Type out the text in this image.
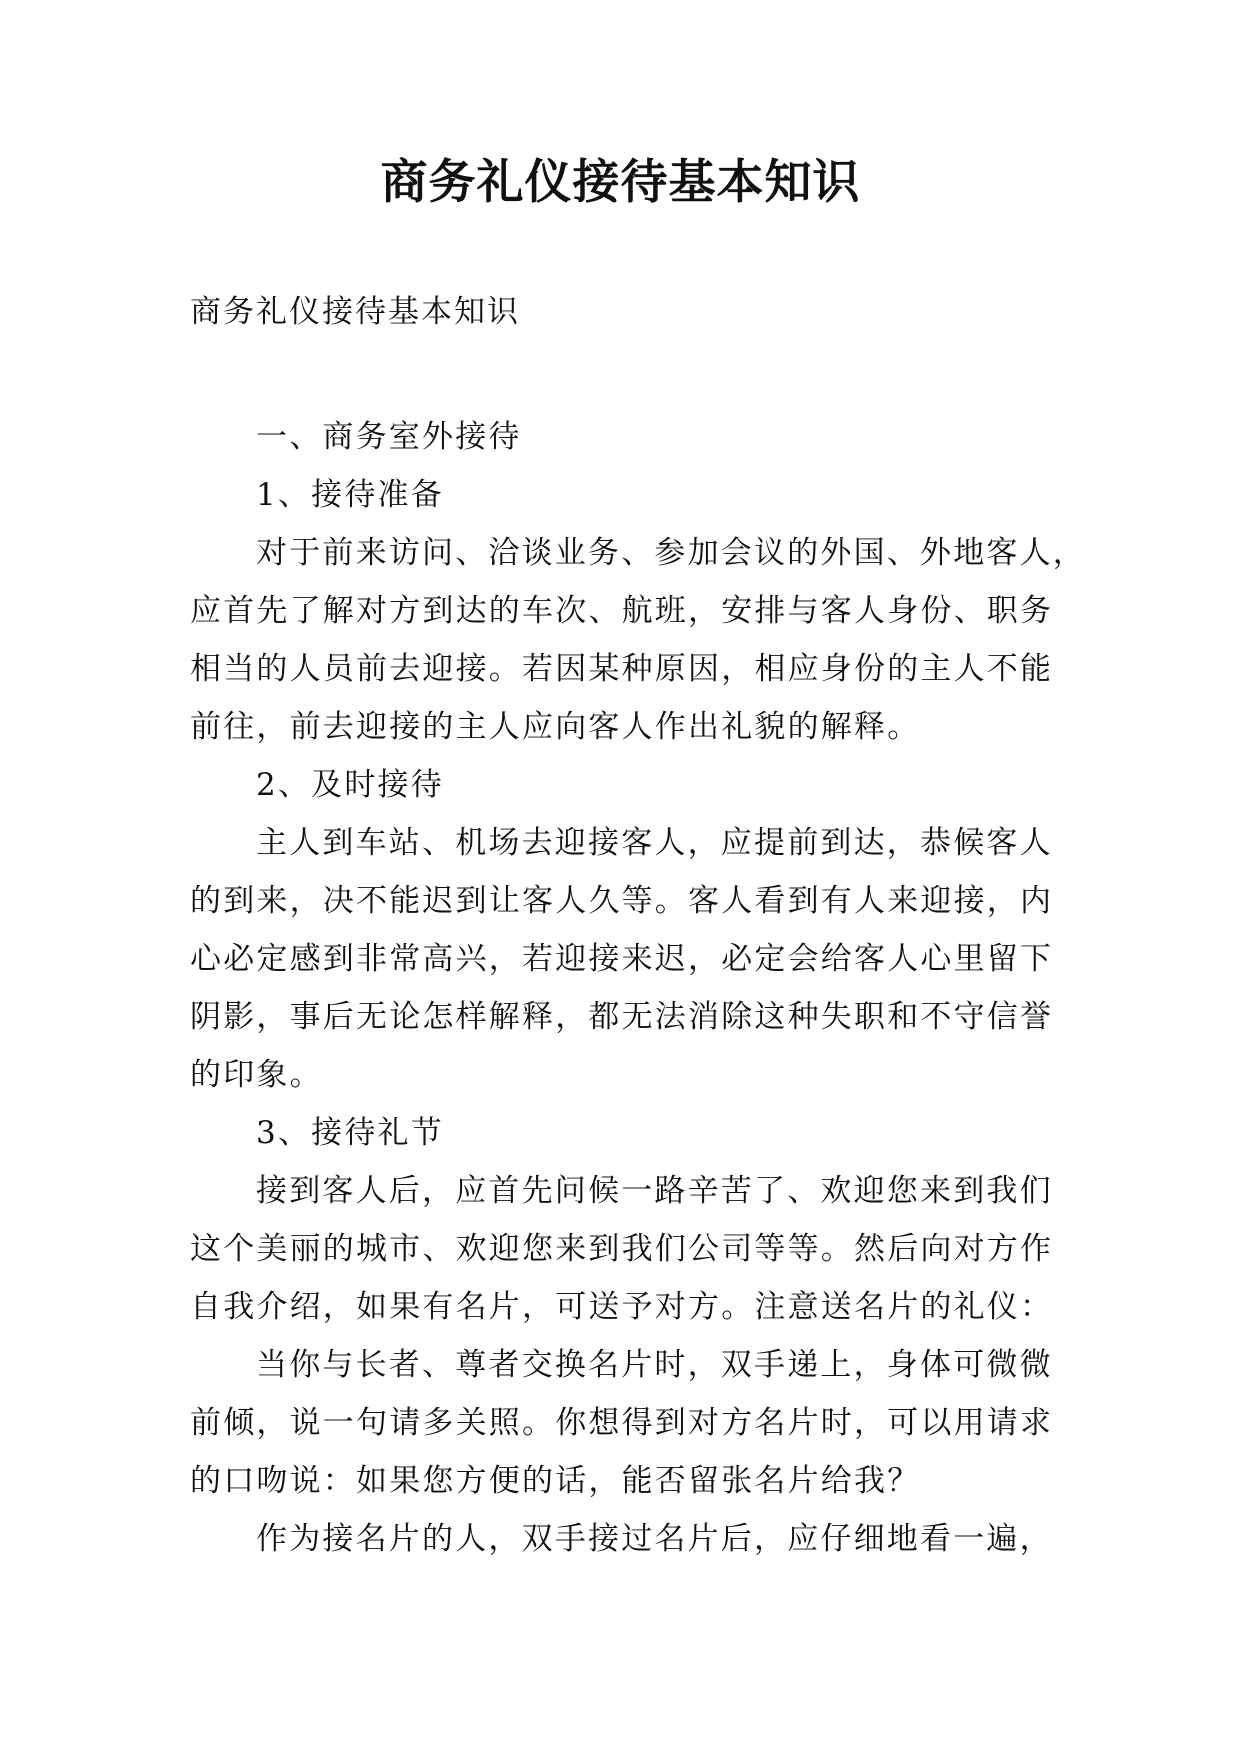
商务礼仪接待基本知识

商务礼仪接待基本知识

一、商务室外接待
1、接待准备
对于前来访问、洽谈业务、参加会议的外国、外地客人，
应首先了解对方到达的车次、航班，安排与客人身份、职务
相当的人员前去迎接。若因某种原因，相应身份的主人不能
前往，前去迎接的主人应向客人作出礼貌的解释。
2、及时接待
主人到车站、机场去迎接客人，应提前到达，恭候客人
的到来，决不能迟到让客人久等。客人看到有人来迎接，内
心必定感到非常高兴，若迎接来迟，必定会给客人心里留下
阴影，事后无论怎样解释，都无法消除这种失职和不守信誉
的印象。
3、接待礼节
接到客人后，应首先问候一路辛苦了、欢迎您来到我们
这个美丽的城市、欢迎您来到我们公司等等。然后向对方作
自我介绍，如果有名片，可送予对方。注意送名片的礼仪：
当你与长者、尊者交换名片时，双手递上，身体可微微
前倾，说一句请多关照。你想得到对方名片时，可以用请求
的口吻说：如果您方便的话，能否留张名片给我？
作为接名片的人，双手接过名片后，应仔细地看一遍，
